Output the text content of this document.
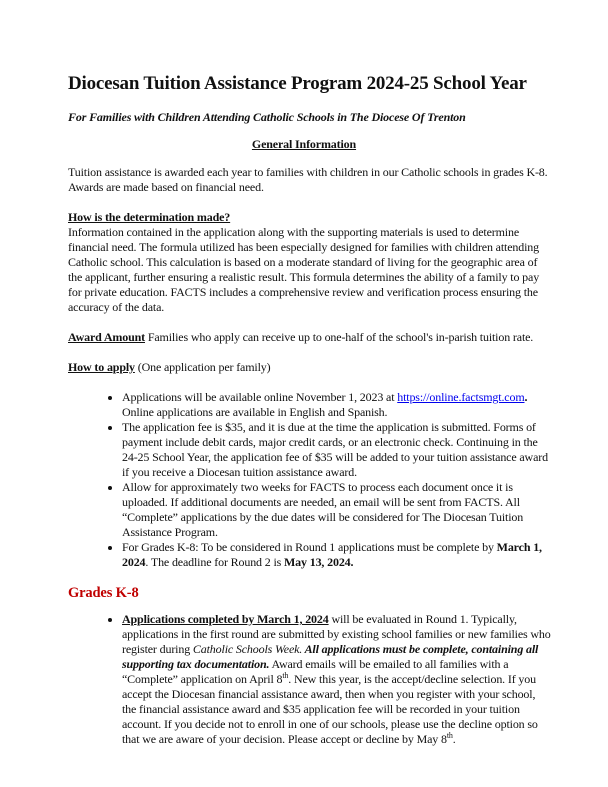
Diocesan Tuition Assistance Program 2024-25 School Year

For Families with Children Attending Catholic Schools in The Diocese Of Trenton

General Information

Tuition assistance is awarded each year to families with children in our Catholic schools in grades K-8. Awards are made based on financial need.

How is the determination made?

Information contained in the application along with the supporting materials is used to determine financial need. The formula utilized has been especially designed for families with children attending Catholic school. This calculation is based on a moderate standard of living for the geographic area of the applicant, further ensuring a realistic result. This formula determines the ability of a family to pay for private education. FACTS includes a comprehensive review and verification process ensuring the accuracy of the data.

Award Amount Families who apply can receive up to one-half of the school's in-parish tuition rate.

How to apply (One application per family)

• Applications will be available online November 1, 2023 at https://online.factsmgt.com. Online applications are available in English and Spanish.
• The application fee is $35, and it is due at the time the application is submitted. Forms of payment include debit cards, major credit cards, or an electronic check. Continuing in the 24-25 School Year, the application fee of $35 will be added to your tuition assistance award if you receive a Diocesan tuition assistance award.
• Allow for approximately two weeks for FACTS to process each document once it is uploaded. If additional documents are needed, an email will be sent from FACTS. All “Complete” applications by the due dates will be considered for The Diocesan Tuition Assistance Program.
• For Grades K-8: To be considered in Round 1 applications must be complete by March 1, 2024. The deadline for Round 2 is May 13, 2024.
Grades K-8
• Applications completed by March 1, 2024 will be evaluated in Round 1. Typically, applications in the first round are submitted by existing school families or new families who register during Catholic Schools Week. All applications must be complete, containing all supporting tax documentation. Award emails will be emailed to all families with a “Complete” application on April 8th. New this year, is the accept/decline selection. If you accept the Diocesan financial assistance award, then when you register with your school, the financial assistance award and $35 application fee will be recorded in your tuition account. If you decide not to enroll in one of our schools, please use the decline option so that we are aware of your decision. Please accept or decline by May 8th.
